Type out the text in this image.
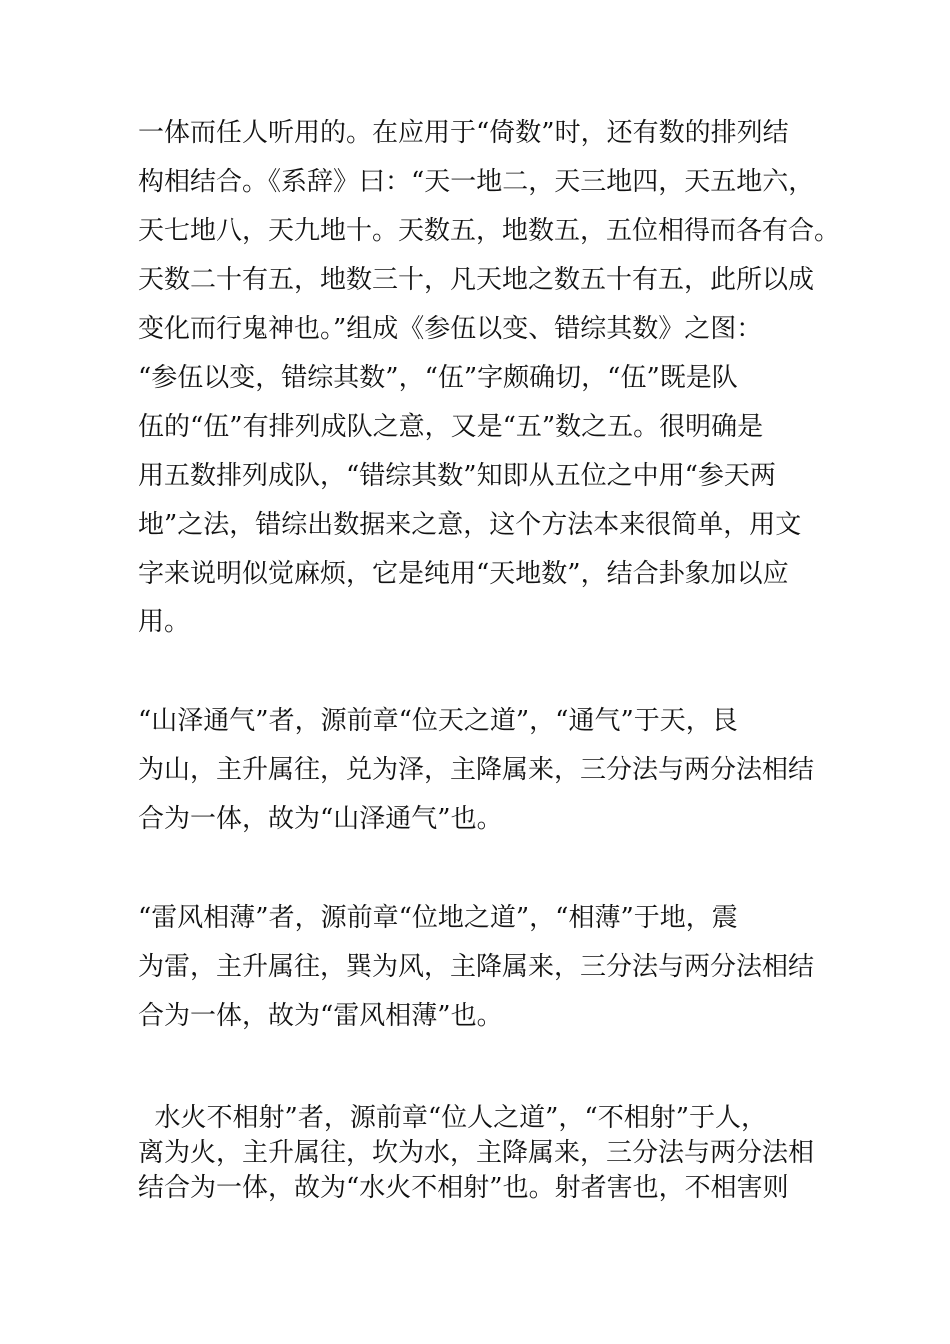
一体而任人听用的。在应用于“倚数”时，还有数的排列结

构相结合。《系辞》曰：“天一地二，天三地四，天五地六，

天七地八，天九地十。天数五，地数五，五位相得而各有合。

天数二十有五，地数三十，凡天地之数五十有五，此所以成

变化而行鬼神也。”组成《参伍以变、错综其数》之图：

“参伍以变，错综其数”，“伍”字颇确切，“伍”既是队

伍的“伍”有排列成队之意，又是“五”数之五。很明确是

用五数排列成队，“错综其数”知即从五位之中用“参天两

地”之法，错综出数据来之意，这个方法本来很简单，用文

字来说明似觉麻烦，它是纯用“天地数”，结合卦象加以应

用。

“山泽通气”者，源前章“位天之道”，“通气”于天，艮

为山，主升属往，兑为泽，主降属来，三分法与两分法相结

合为一体，故为“山泽通气”也。

“雷风相薄”者，源前章“位地之道”，“相薄”于地，震

为雷，主升属往，巽为风，主降属来，三分法与两分法相结

合为一体，故为“雷风相薄”也。

水火不相射”者，源前章“位人之道”，“不相射”于人，

离为火，主升属往，坎为水，主降属来，三分法与两分法相

结合为一体，故为“水火不相射”也。射者害也，不相害则
